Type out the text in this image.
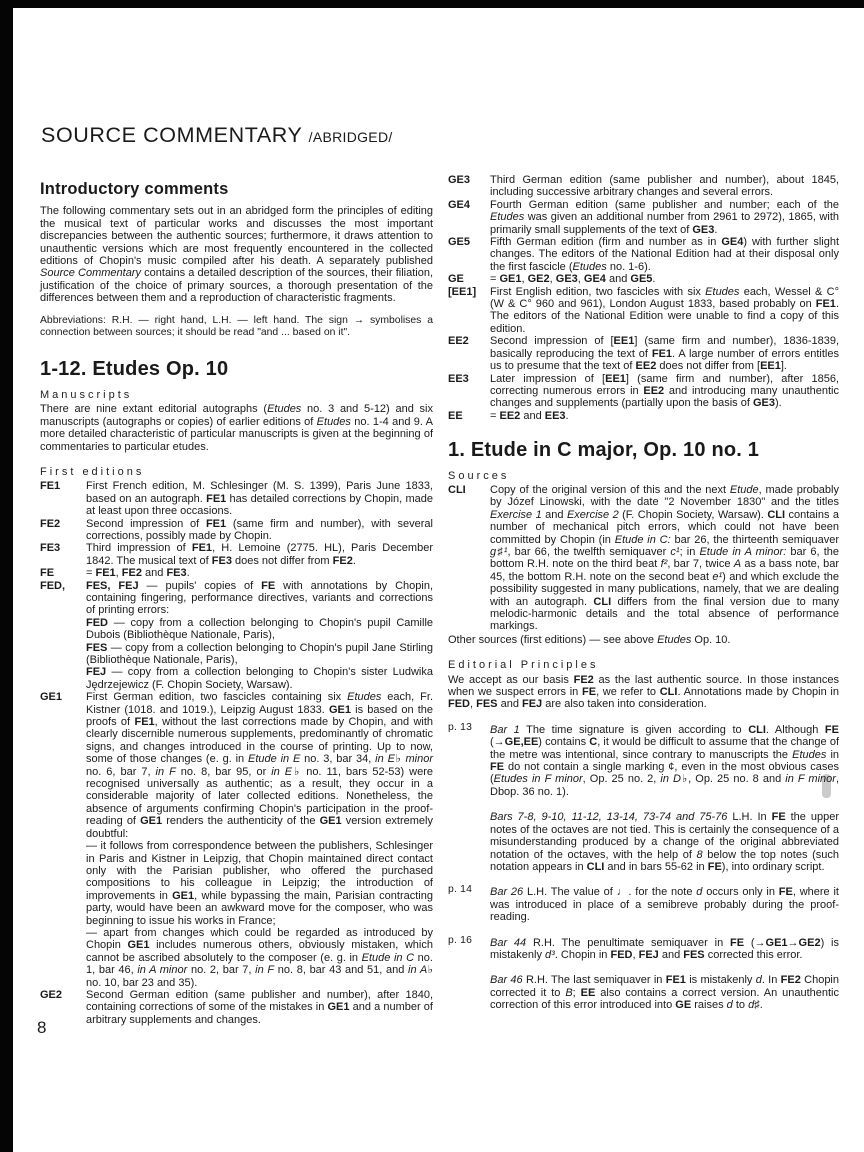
SOURCE COMMENTARY /ABRIDGED/
Introductory comments

The following commentary sets out in an abridged form the principles of editing the musical text of particular works and discusses the most important discrepancies between the authentic sources; furthermore, it draws attention to unauthentic versions which are most frequently encountered in the collected editions of Chopin's music compiled after his death. A separately published Source Commentary contains a detailed description of the sources, their filiation, justification of the choice of primary sources, a thorough presentation of the differences between them and a reproduction of characteristic fragments.

Abbreviations: R.H. — right hand, L.H. — left hand. The sign → symbolises a connection between sources; it should be read "and ... based on it".

1-12. Etudes Op. 10
Manuscripts

There are nine extant editorial autographs (Etudes no. 3 and 5-12) and six manuscripts (autographs or copies) of earlier editions of Etudes no. 1-4 and 9. A more detailed characteristic of particular manuscripts is given at the beginning of commentaries to particular etudes.

First editions
FE1 First French edition, M. Schlesinger (M. S. 1399), Paris June 1833, based on an autograph. FE1 has detailed corrections by Chopin, made at least upon three occasions.
FE2 Second impression of FE1 (same firm and number), with several corrections, possibly made by Chopin.
FE3 Third impression of FE1, H. Lemoine (2775. HL), Paris December 1842. The musical text of FE3 does not differ from FE2.
FE	= FE1, FE2 and FE3.
FED, FES, FEJ — pupils' copies of FE with annotations by Chopin, containing fingering, performance directives, variants and corrections of printing errors:
FED — copy from a collection belonging to Chopin's pupil Camille Dubois (Bibliothèque Nationale, Paris),
FES — copy from a collection belonging to Chopin's pupil Jane Stirling (Bibliothèque Nationale, Paris),
FEJ — copy from a collection belonging to Chopin's sister Ludwika Jędrzejewicz (F. Chopin Society, Warsaw).
GE1 First German edition, two fascicles containing six Etudes each, Fr. Kistner (1018. and 1019.), Leipzig August 1833. GE1 is based on the proofs of FE1, without the last corrections made by Chopin, and with clearly discernible numerous supplements, predominantly of chromatic signs, and changes introduced in the course of printing. Up to now, some of those changes (e. g. in Etude in E no. 3, bar 34, in E♭ minor no. 6, bar 7, in F no. 8, bar 95, or in E♭ no. 11, bars 52-53) were recognised universally as authentic; as a result, they occur in a considerable majority of later collected editions. Nonetheless, the absence of arguments confirming Chopin's participation in the proof-reading of GE1 renders the authenticity of the GE1 version extremely doubtful:
— it follows from correspondence between the publishers, Schlesinger in Paris and Kistner in Leipzig, that Chopin maintained direct contact only with the Parisian publisher, who offered the purchased compositions to his colleague in Leipzig; the introduction of improvements in GE1, while bypassing the main, Parisian contracting party, would have been an awkward move for the composer, who was beginning to issue his works in France;
— apart from changes which could be regarded as introduced by Chopin GE1 includes numerous others, obviously mistaken, which cannot be ascribed absolutely to the composer (e. g. in Etude in C no. 1, bar 46, in A minor no. 2, bar 7, in F no. 8, bar 43 and 51, and in A♭ no. 10, bar 23 and 35).
GE2 Second German edition (same publisher and number), after 1840, containing corrections of some of the mistakes in GE1 and a number of arbitrary supplements and changes.
GE3 Third German edition (same publisher and number), about 1845, including successive arbitrary changes and several errors.
GE4 Fourth German edition (same publisher and number; each of the Etudes was given an additional number from 2961 to 2972), 1865, with primarily small supplements of the text of GE3.
GE5 Fifth German edition (firm and number as in GE4) with further slight changes. The editors of the National Edition had at their disposal only the first fascicle (Etudes no. 1-6).
GE = GE1, GE2, GE3, GE4 and GE5.
[EE1] First English edition, two fascicles with six Etudes each, Wessel & C° (W & C° 960 and 961), London August 1833, based probably on FE1. The editors of the National Edition were unable to find a copy of this edition.
EE2 Second impression of [EE1] (same firm and number), 1836-1839, basically reproducing the text of FE1. A large number of errors entitles us to presume that the text of EE2 does not differ from [EE1].
EE3 Later impression of [EE1] (same firm and number), after 1856, correcting numerous errors in EE2 and introducing many unauthentic changes and supplements (partially upon the basis of GE3).
EE = EE2 and EE3.
1. Etude in C major, Op. 10 no. 1
Sources
CLI Copy of the original version of this and the next Etude, made probably by Józef Linowski, with the date "2 November 1830" and the titles Exercise 1 and Exercise 2 (F. Chopin Society, Warsaw). CLI contains a number of mechanical pitch errors, which could not have been committed by Chopin (in Etude in C: bar 26, the thirteenth semiquaver g♯¹, bar 66, the twelfth semiquaver c¹; in Etude in A minor: bar 6, the bottom R.H. note on the third beat f², bar 7, twice A as a bass note, bar 45, the bottom R.H. note on the second beat e¹) and which exclude the possibility suggested in many publications, namely, that we are dealing with an autograph. CLI differs from the final version due to many melodic-harmonic details and the total absence of performance markings.

Other sources (first editions) — see above Etudes Op. 10.

Editorial Principles

We accept as our basis FE2 as the last authentic source. In those instances when we suspect errors in FE, we refer to CLI. Annotations made by Chopin in FED, FES and FEJ are also taken into consideration.

p. 13 Bar 1 The time signature is given according to CLI. Although FE (→GE,EE) contains C, it would be difficult to assume that the change of the metre was intentional, since contrary to manuscripts the Etudes in FE do not contain a single marking ¢, even in the most obvious cases (Etudes in F minor, Op. 25 no. 2, in D♭, Op. 25 no. 8 and in F minor, Dbop. 36 no. 1).
Bars 7-8, 9-10, 11-12, 13-14, 73-74 and 75-76 L.H. In FE the upper notes of the octaves are not tied. This is certainly the consequence of a misunderstanding produced by a change of the original abbreviated notation of the octaves, with the help of 8 below the top notes (such notation appears in CLI and in bars 55-62 in FE), into ordinary script.
p. 14 Bar 26 L.H. The value of ♩. for the note d occurs only in FE, where it was introduced in place of a semibreve probably during the proof-reading.
p. 16 Bar 44 R.H. The penultimate semiquaver in FE (→GE1→GE2) is mistakenly d³. Chopin in FED, FEJ and FES corrected this error.
Bar 46 R.H. The last semiquaver in FE1 is mistakenly d. In FE2 Chopin corrected it to B; EE also contains a correct version. An unauthentic correction of this error introduced into GE raises d to d♯.
8
